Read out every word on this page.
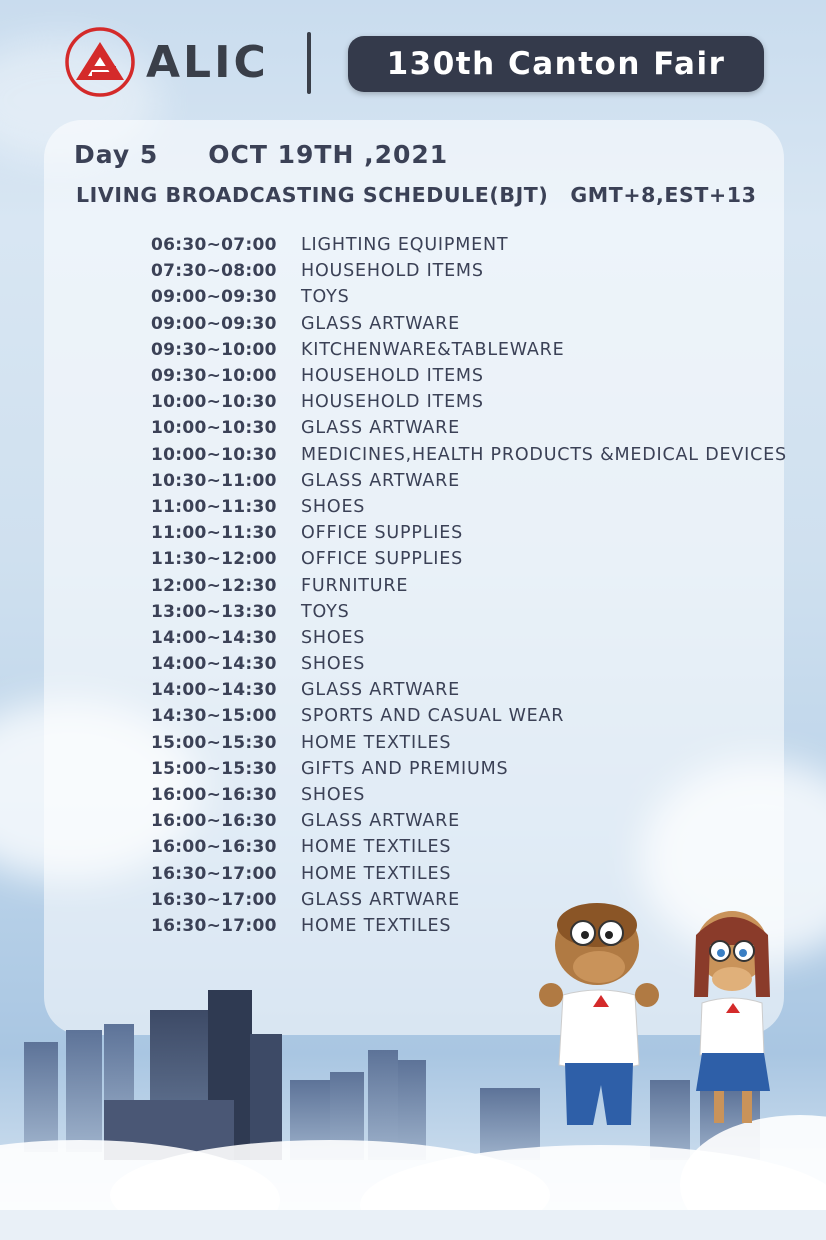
ALIC	130th Canton Fair
Day 5 OCT 19TH ,2021
LIVING BROADCASTING SCHEDULE(BJT) GMT+8,EST+13
06:30~07:00	LIGHTING EQUIPMENT
07:30~08:00	HOUSEHOLD ITEMS
09:00~09:30	TOYS
09:00~09:30	GLASS ARTWARE
09:30~10:00	KITCHENWARE&TABLEWARE
09:30~10:00	HOUSEHOLD ITEMS
10:00~10:30	HOUSEHOLD ITEMS
10:00~10:30	GLASS ARTWARE
10:00~10:30	MEDICINES,HEALTH PRODUCTS &MEDICAL DEVICES
10:30~11:00	GLASS ARTWARE
11:00~11:30	SHOES
11:00~11:30	OFFICE SUPPLIES
11:30~12:00	OFFICE SUPPLIES
12:00~12:30	FURNITURE
13:00~13:30	TOYS
14:00~14:30	SHOES
14:00~14:30	SHOES
14:00~14:30	GLASS ARTWARE
14:30~15:00	SPORTS AND CASUAL WEAR
15:00~15:30	HOME TEXTILES
15:00~15:30	GIFTS AND PREMIUMS
16:00~16:30	SHOES
16:00~16:30	GLASS ARTWARE
16:00~16:30	HOME TEXTILES
16:30~17:00	HOME TEXTILES
16:30~17:00	GLASS ARTWARE
16:30~17:00	HOME TEXTILES
